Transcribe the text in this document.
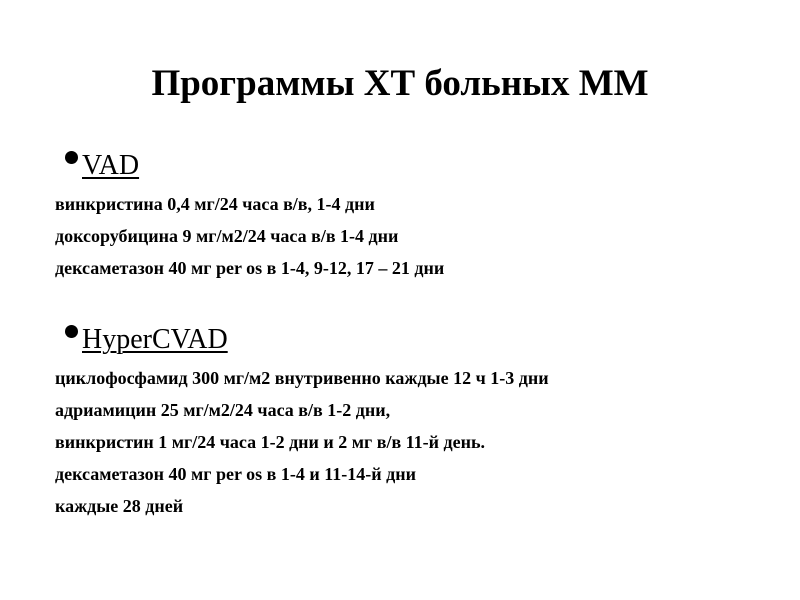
Программы ХТ больных ММ
VAD
винкристина 0,4 мг/24 часа в/в, 1-4 дни
доксорубицина 9 мг/м2/24 часа в/в 1-4 дни
дексаметазон 40 мг per os в 1-4, 9-12, 17 – 21 дни
HyperCVAD
циклофосфамид 300 мг/м2 внутривенно каждые 12 ч 1-3 дни
адриамицин 25 мг/м2/24 часа в/в 1-2 дни,
винкристин 1 мг/24 часа 1-2 дни и 2 мг в/в 11-й день.
дексаметазон 40 мг per os в 1-4 и 11-14-й дни
каждые 28 дней
